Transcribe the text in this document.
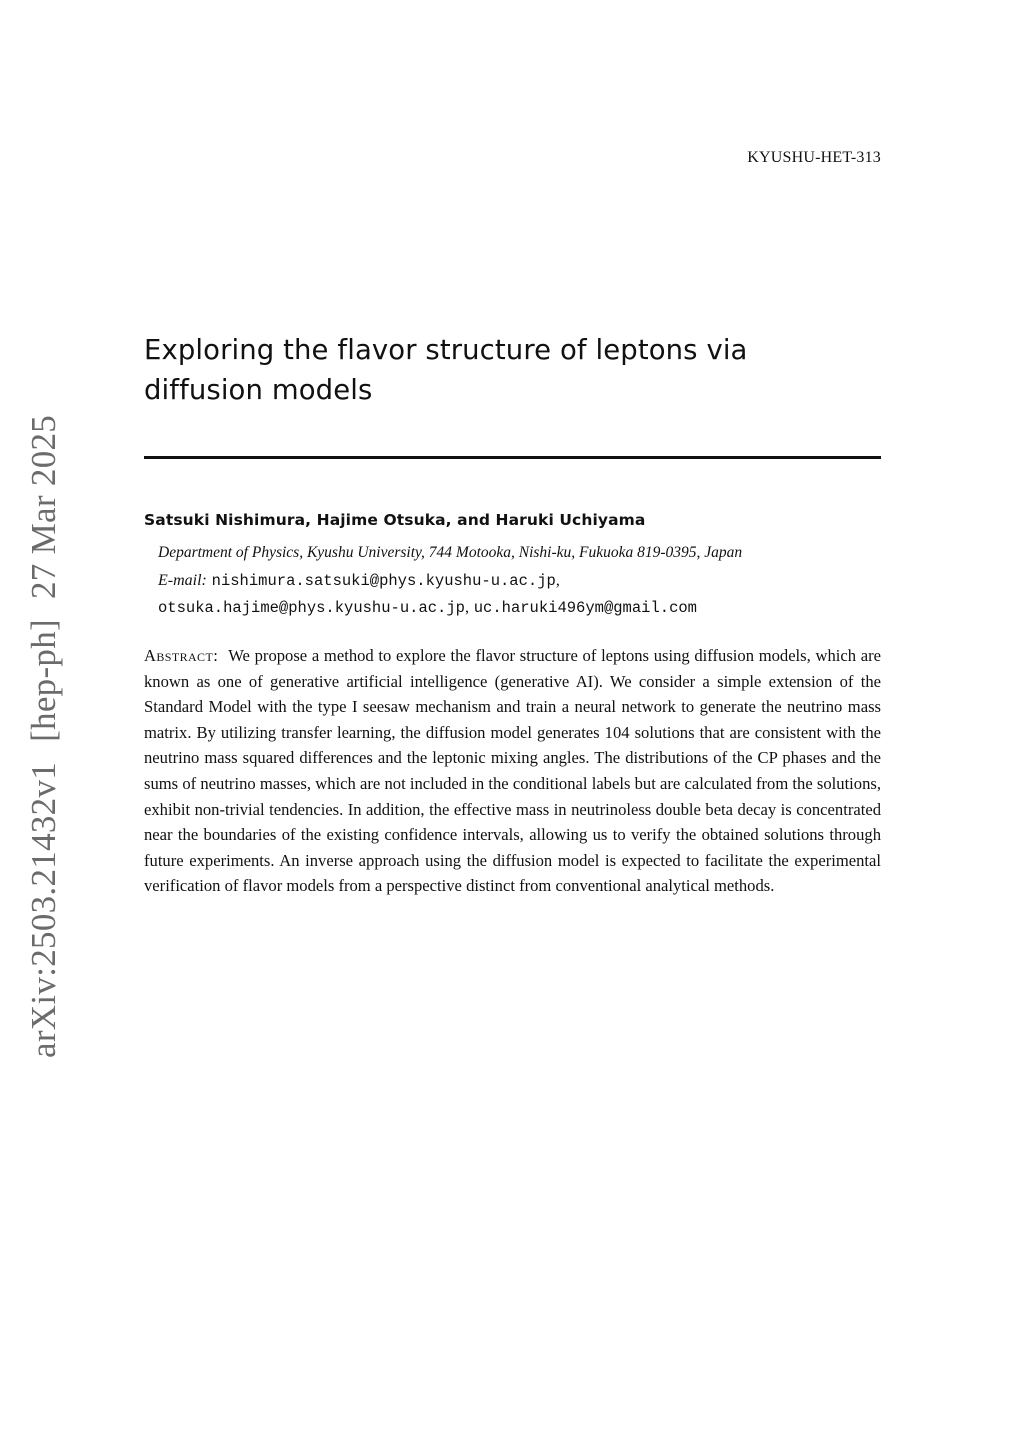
KYUSHU-HET-313
arXiv:2503.21432v1[hep-ph]27 Mar 2025
Exploring the flavor structure of leptons via
diffusion models
Satsuki Nishimura, Hajime Otsuka, and Haruki Uchiyama
Department of Physics, Kyushu University, 744 Motooka, Nishi-ku, Fukuoka 819-0395, Japan
E-mail: nishimura.satsuki@phys.kyushu-u.ac.jp,
otsuka.hajime@phys.kyushu-u.ac.jp, uc.haruki496ym@gmail.com
Abstract: We propose a method to explore the flavor structure of leptons using diffusion models, which are known as one of generative artificial intelligence (generative AI). We consider a simple extension of the Standard Model with the type I seesaw mechanism and train a neural network to generate the neutrino mass matrix. By utilizing transfer learning, the diffusion model generates 104 solutions that are consistent with the neutrino mass squared differences and the leptonic mixing angles. The distributions of the CP phases and the sums of neutrino masses, which are not included in the conditional labels but are calculated from the solutions, exhibit non-trivial tendencies. In addition, the effective mass in neutrinoless double beta decay is concentrated near the boundaries of the existing confidence intervals, allowing us to verify the obtained solutions through future experiments. An inverse approach using the diffusion model is expected to facilitate the experimental verification of flavor models from a perspective distinct from conventional analytical methods.
